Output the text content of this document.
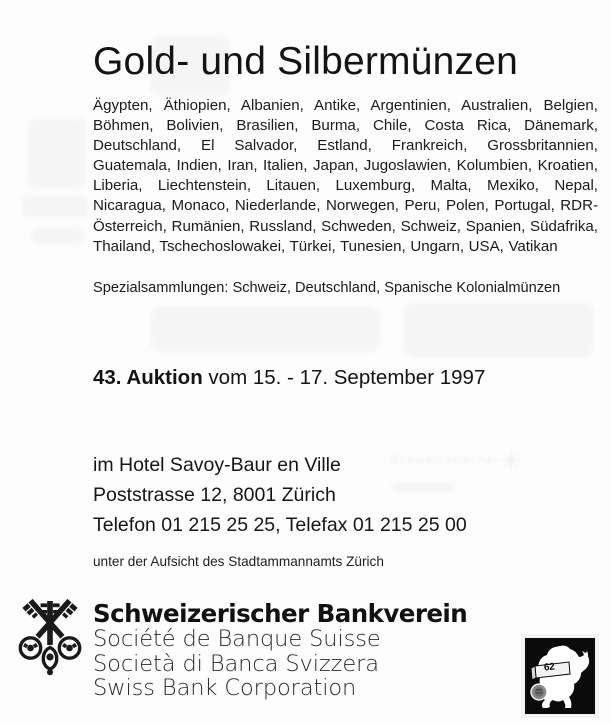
Schweizerischer ✳
Gold- und Silbermünzen
Ägypten, Äthiopien, Albanien, Antike, Argentinien, Australien, Belgien, Böhmen, Bolivien, Brasilien, Burma, Chile, Costa Rica, Dänemark, Deutschland, El Salvador, Estland, Frankreich, Grossbritannien, Guatemala, Indien, Iran, Italien, Japan, Jugoslawien, Kolumbien, Kroatien, Liberia, Liechtenstein, Litauen, Luxemburg, Malta, Mexiko, Nepal, Nicaragua, Monaco, Niederlande, Norwegen, Peru, Polen, Portugal, RDR-Österreich, Rumänien, Russland, Schweden, Schweiz, Spanien, Südafrika, Thailand, Tschechoslowakei, Türkei, Tunesien, Ungarn, USA, Vatikan
Spezialsammlungen: Schweiz, Deutschland, Spanische Kolonialmünzen
43. Auktion vom 15. - 17. September 1997
im Hotel Savoy-Baur en Ville
Poststrasse 12, 8001 Zürich
Telefon 01 215 25 25, Telefax 01 215 25 00
unter der Aufsicht des Stadtammannamts Zürich
Schweizerischer Bankverein
Société de Banque Suisse
Società di Banca Svizzera
Swiss Bank Corporation
62
